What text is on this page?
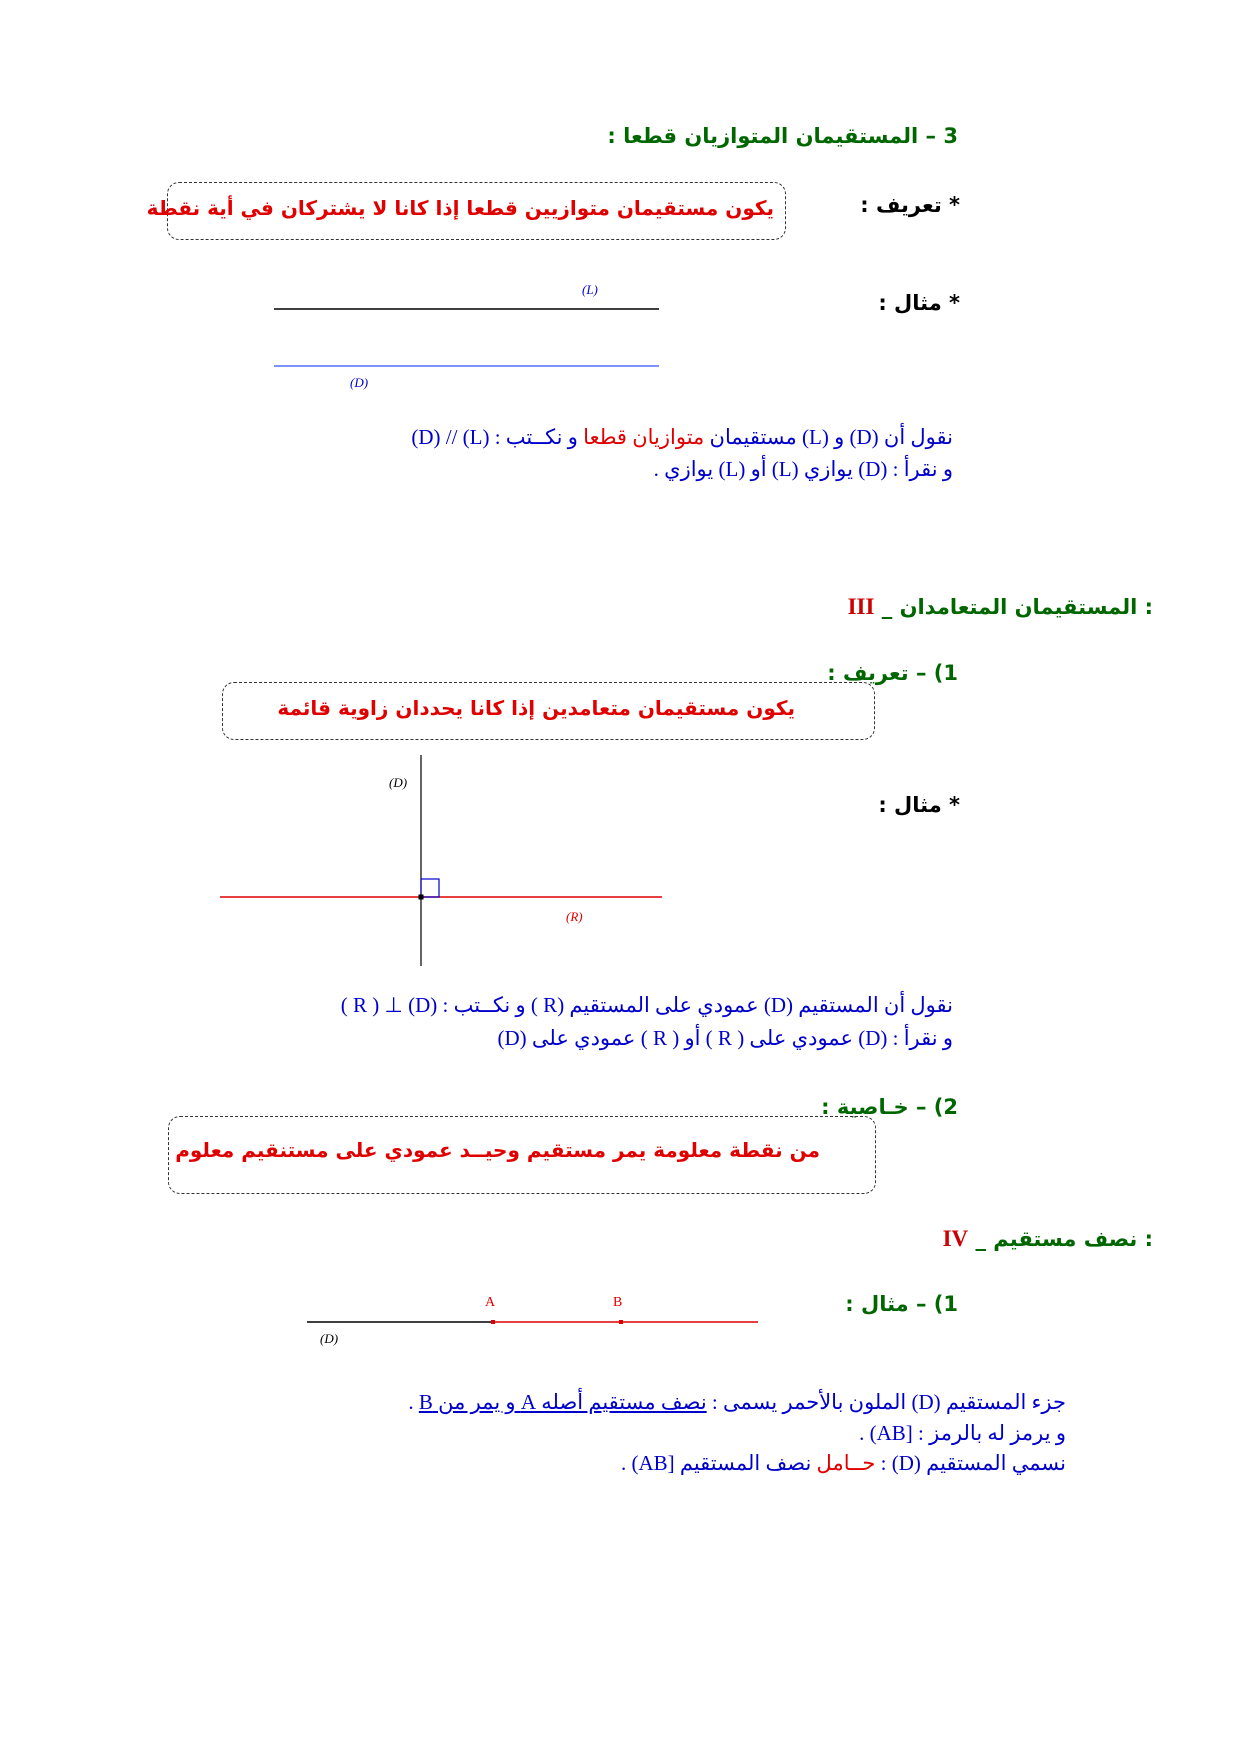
3 – المستقيمان المتوازيان قطعا :
* تعريف :
يكون مستقيمان متوازيين قطعا إذا كانا لا يشتركان في أية نقطة
* مثال :
(L)
(D)
نقول أن (D) و (L) مستقيمان متوازيان قطعا و نكــتب : (L) // (D)
و نقرأ : (D) يوازي (L) أو (L) يوازي .
III _ المستقيمان المتعامدان :
1) – تعريف :
يكون مستقيمان متعامدين إذا كانا يحددان زاوية قائمة
(D)
(R)
* مثال :
نقول أن المستقيم (D) عمودي على المستقيم (R ) و نكــتب : (D) ⊥ ( R )
و نقرأ : (D) عمودي على ( R ) أو ( R ) عمودي على (D)
2) – خـاصية :
من نقطة معلومة يمر مستقيم وحيــد عمودي على مستنقيم معلوم
IV _ نصف مستقيم :
1) – مثال :
A	B
(D)
جزء المستقيم (D) الملون بالأحمر يسمى : نصف مستقيم أصله A و يمر من B .
و يرمز له بالرمز : [AB) .
نسمي المستقيم (D) : حــامل نصف المستقيم [AB) .
